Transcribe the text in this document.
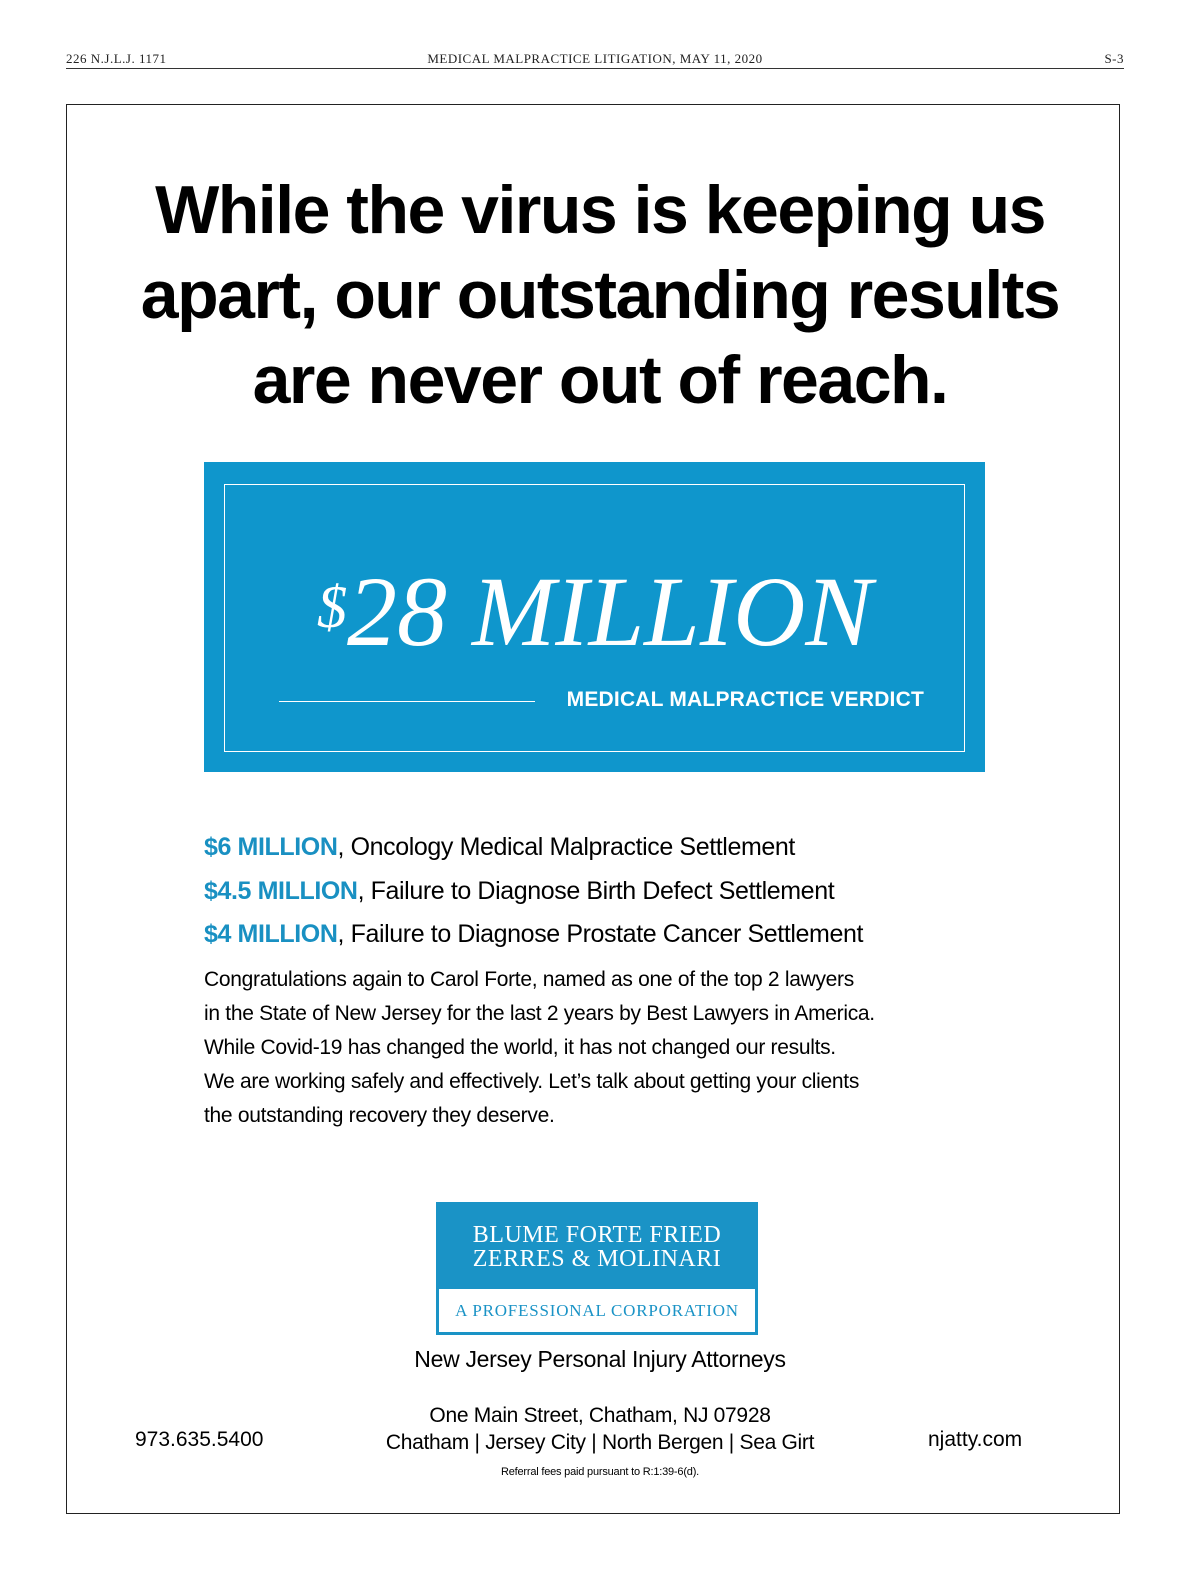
226 N.J.L.J. 1171	MEDICAL MALPRACTICE LITIGATION, MAY 11, 2020	S-3
While the virus is keeping us
apart, our outstanding results
are never out of reach.
$28 MILLION
MEDICAL MALPRACTICE VERDICT
$6 MILLION, Oncology Medical Malpractice Settlement
$4.5 MILLION, Failure to Diagnose Birth Defect Settlement
$4 MILLION, Failure to Diagnose Prostate Cancer Settlement
Congratulations again to Carol Forte, named as one of the top 2 lawyers
in the State of New Jersey for the last 2 years by Best Lawyers in America.
While Covid-19 has changed the world, it has not changed our results.
We are working safely and effectively. Let’s talk about getting your clients
the outstanding recovery they deserve.
BLUME FORTE FRIED
ZERRES & MOLINARI
A PROFESSIONAL CORPORATION
New Jersey Personal Injury Attorneys
One Main Street, Chatham, NJ 07928
Chatham | Jersey City | North Bergen | Sea Girt
973.635.5400	njatty.com
Referral fees paid pursuant to R:1:39-6(d).
